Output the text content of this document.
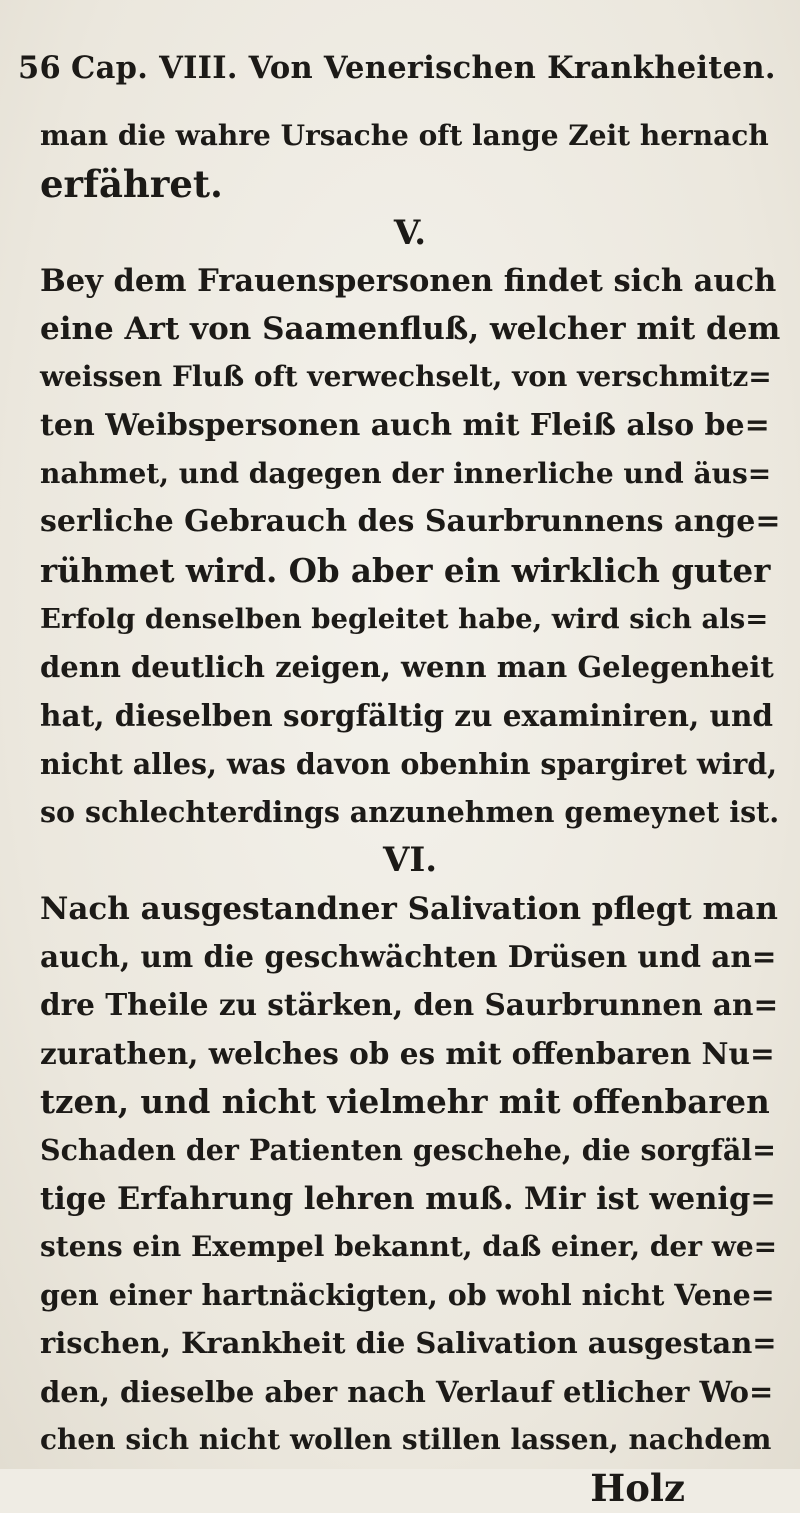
56 Cap. VIII. Von Venerischen Krankheiten.
man die wahre Ursache oft lange Zeit hernach
erfähret.
V.
Bey dem Frauenspersonen findet sich auch
eine Art von Saamenfluß, welcher mit dem
weissen Fluß oft verwechselt, von verschmitz=
ten Weibspersonen auch mit Fleiß also be=
nahmet, und dagegen der innerliche und äus=
serliche Gebrauch des Saurbrunnens ange=
rühmet wird. Ob aber ein wirklich guter
Erfolg denselben begleitet habe, wird sich als=
denn deutlich zeigen, wenn man Gelegenheit
hat, dieselben sorgfältig zu examiniren, und
nicht alles, was davon obenhin spargiret wird,
so schlechterdings anzunehmen gemeynet ist.
VI.
Nach ausgestandner Salivation pflegt man
auch, um die geschwächten Drüsen und an=
dre Theile zu stärken, den Saurbrunnen an=
zurathen, welches ob es mit offenbaren Nu=
tzen, und nicht vielmehr mit offenbaren
Schaden der Patienten geschehe, die sorgfäl=
tige Erfahrung lehren muß. Mir ist wenig=
stens ein Exempel bekannt, daß einer, der we=
gen einer hartnäckigten, ob wohl nicht Vene=
rischen, Krankheit die Salivation ausgestan=
den, dieselbe aber nach Verlauf etlicher Wo=
chen sich nicht wollen stillen lassen, nachdem
Holz
